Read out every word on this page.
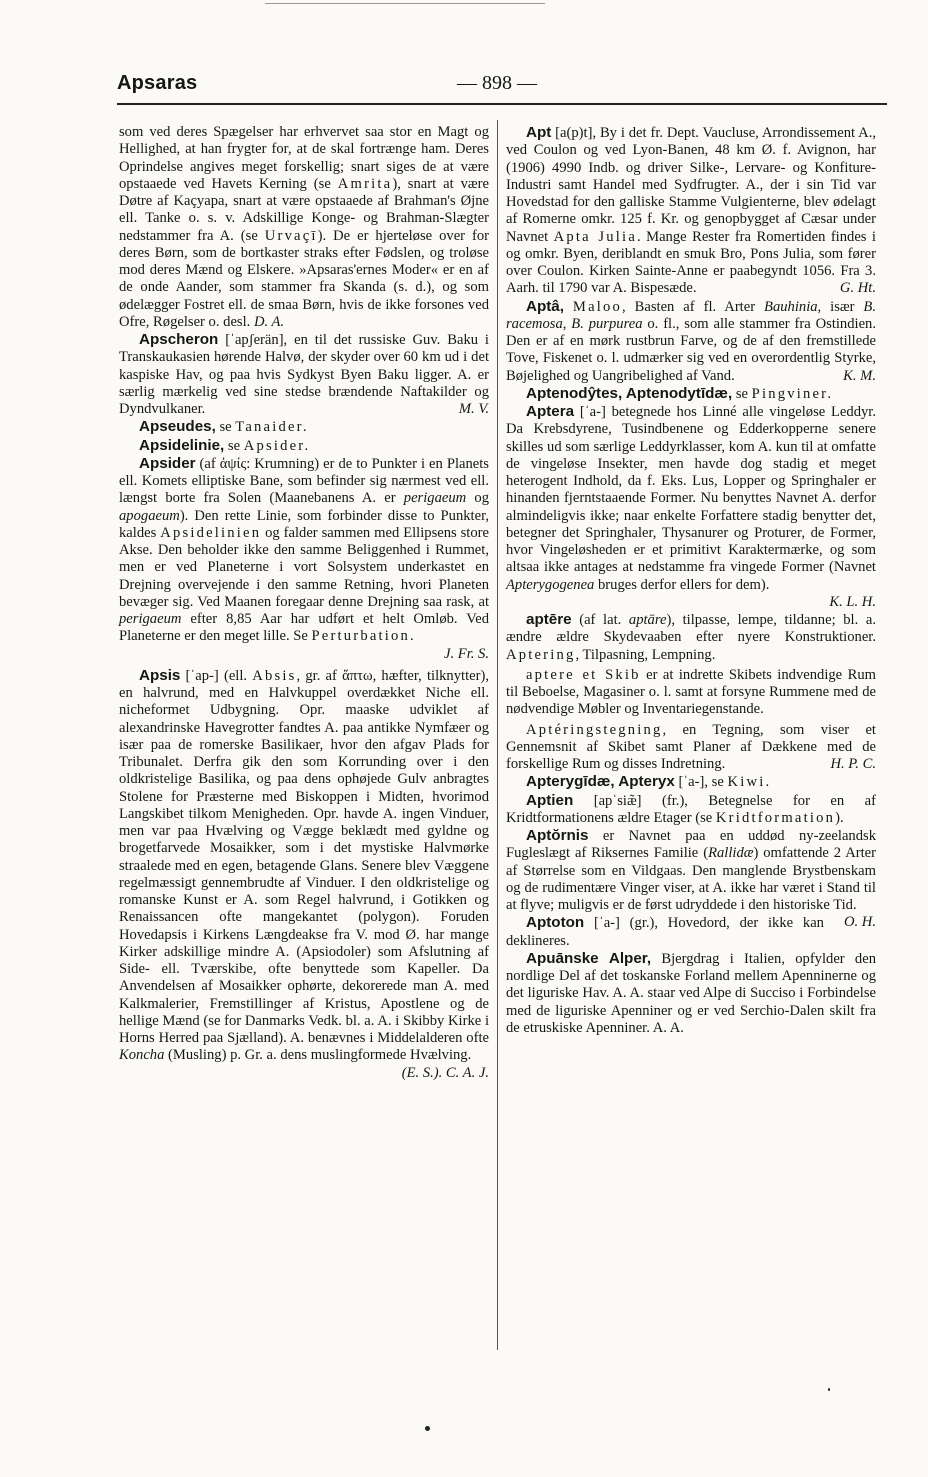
Apsaras	— 898 —

som ved deres Spægelser har erhvervet saa stor en Magt og Hellighed, at han frygter for, at de skal fortrænge ham. Deres Oprindelse angives meget forskellig; snart siges de at være opstaaede ved Havets Kerning (se Amrita), snart at være Døtre af Kaçyapa, snart at være opstaaede af Brahman's Øjne ell. Tanke o. s. v. Adskillige Konge- og Brahman-Slægter nedstammer fra A. (se Urvaçī). De er hjerteløse over for deres Børn, som de bortkaster straks efter Fødslen, og troløse mod deres Mænd og Elskere. »Apsaras'ernes Moder« er en af de onde Aander, som stammer fra Skanda (s. d.), og som ødelægger Fostret ell. de smaa Børn, hvis de ikke forsones ved Ofre, Røgelser o. desl. D. A.

Apscheron [ˈapʃerän], en til det russiske Guv. Baku i Transkaukasien hørende Halvø, der skyder over 60 km ud i det kaspiske Hav, og paa hvis Sydkyst Byen Baku ligger. A. er særlig mærkelig ved sine stedse brændende Naftakilder og Dyndvulkaner.	M. V.

Apseudes, se Tanaider.

Apsidelinie, se Apsider.

Apsider (af ἀψίς: Krumning) er de to Punkter i en Planets ell. Komets elliptiske Bane, som befinder sig nærmest ved ell. længst borte fra Solen (Maanebanens A. er perigaeum og apogaeum). Den rette Linie, som forbinder disse to Punkter, kaldes Apsidelinien og falder sammen med Ellipsens store Akse. Den beholder ikke den samme Beliggenhed i Rummet, men er ved Planeterne i vort Solsystem underkastet en Drejning overvejende i den samme Retning, hvori Planeten bevæger sig. Ved Maanen foregaar denne Drejning saa rask, at perigaeum efter 8,85 Aar har udført et helt Omløb. Ved Planeterne er den meget lille. Se Perturbation.

J. Fr. S.

Apsis [ˈap-] (ell. Absis, gr. af ἅπτω, hæfter, tilknytter), en halvrund, med en Halvkuppel overdækket Niche ell. nicheformet Udbygning. Opr. maaske udviklet af alexandrinske Havegrotter fandtes A. paa antikke Nymfæer og især paa de romerske Basilikaer, hvor den afgav Plads for Tribunalet. Derfra gik den som Korrunding over i den oldkristelige Basilika, og paa dens ophøjede Gulv anbragtes Stolene for Præsterne med Biskoppen i Midten, hvorimod Langskibet tilkom Menigheden. Opr. havde A. ingen Vinduer, men var paa Hvælving og Vægge beklædt med gyldne og brogetfarvede Mosaikker, som i det mystiske Halvmørke straalede med en egen, betagende Glans. Senere blev Væggene regelmæssigt gennembrudte af Vinduer. I den oldkristelige og romanske Kunst er A. som Regel halvrund, i Gotikken og Renaissancen ofte mangekantet (polygon). Foruden Hovedapsis i Kirkens Længdeakse fra V. mod Ø. har mange Kirker adskillige mindre A. (Apsiodoler) som Afslutning af Side- ell. Tværskibe, ofte benyttede som Kapeller. Da Anvendelsen af Mosaikker ophørte, dekorerede man A. med Kalkmalerier, Fremstillinger af Kristus, Apostlene og de hellige Mænd (se for Danmarks Vedk. bl. a. A. i Skibby Kirke i Horns Herred paa Sjælland). A. benævnes i Middelalderen ofte Koncha (Musling) p. Gr. a. dens muslingformede Hvælving.
(E. S.). C. A. J.

Apt [a(p)t], By i det fr. Dept. Vaucluse, Arrondissement A., ved Coulon og ved Lyon-Banen, 48 km Ø. f. Avignon, har (1906) 4990 Indb. og driver Silke-, Lervare- og Konfiture-Industri samt Handel med Sydfrugter. A., der i sin Tid var Hovedstad for den galliske Stamme Vulgienterne, blev ødelagt af Romerne omkr. 125 f. Kr. og genopbygget af Cæsar under Navnet Apta Julia. Mange Rester fra Romertiden findes i og omkr. Byen, deriblandt en smuk Bro, Pons Julia, som fører over Coulon. Kirken Sainte-Anne er paabegyndt 1056. Fra 3. Aarh. til 1790 var A. Bispesæde.	G. Ht.

Aptâ, Maloo, Basten af fl. Arter Bauhinia, især B. racemosa, B. purpurea o. fl., som alle stammer fra Ostindien. Den er af en mørk rustbrun Farve, og de af den fremstillede Tove, Fiskenet o. l. udmærker sig ved en overordentlig Styrke, Bøjelighed og Uangribelighed af Vand.	K. M.

Aptenodŷtes, Aptenodytīdæ, se Pingviner.

Aptera [ˈa-] betegnede hos Linné alle vingeløse Leddyr. Da Krebsdyrene, Tusindbenene og Edderkopperne senere skilles ud som særlige Leddyrklasser, kom A. kun til at omfatte de vingeløse Insekter, men havde dog stadig et meget heterogent Indhold, da f. Eks. Lus, Lopper og Springhaler er hinanden fjerntstaaende Former. Nu benyttes Navnet A. derfor almindeligvis ikke; naar enkelte Forfattere stadig benytter det, betegner det Springhaler, Thysanurer og Proturer, de Former, hvor Vingeløsheden er et primitivt Karaktermærke, og som altsaa ikke antages at nedstamme fra vingede Former (Navnet Apterygogenea bruges derfor ellers for dem).

K. L. H.

aptēre (af lat. aptāre), tilpasse, lempe, tildanne; bl. a. ændre ældre Skydevaaben efter nyere Konstruktioner. Aptering, Tilpasning, Lempning.

aptere et Skib er at indrette Skibets indvendige Rum til Beboelse, Magasiner o. l. samt at forsyne Rummene med de nødvendige Møbler og Inventariegenstande.

Aptéringstegning, en Tegning, som viser et Gennemsnit af Skibet samt Planer af Dækkene med de forskellige Rum og disses Indretning.	H. P. C.

Apterygīdæ, Apteryx [ˈa-], se Kiwi.

Aptien [apˈsiæ̃] (fr.), Betegnelse for en af Kridtformationens ældre Etager (se Kridtformation).

Aptŏrnis er Navnet paa en uddød ny-zeelandsk Fugleslægt af Riksernes Familie (Rallidæ) omfattende 2 Arter af Størrelse som en Vildgaas. Den manglende Brystbenskam og de rudimentære Vinger viser, at A. ikke har været i Stand til at flyve; muligvis er de først udryddede i den historiske Tid.
O. H.

Aptoton [ˈa-] (gr.), Hovedord, der ikke kan deklineres.

Apuānske Alper, Bjergdrag i Italien, opfylder den nordlige Del af det toskanske Forland mellem Apenninerne og det liguriske Hav. A. A. staar ved Alpe di Succiso i Forbindelse med de liguriske Apenniner og er ved Serchio-Dalen skilt fra de etruskiske Apenniner. A. A.
